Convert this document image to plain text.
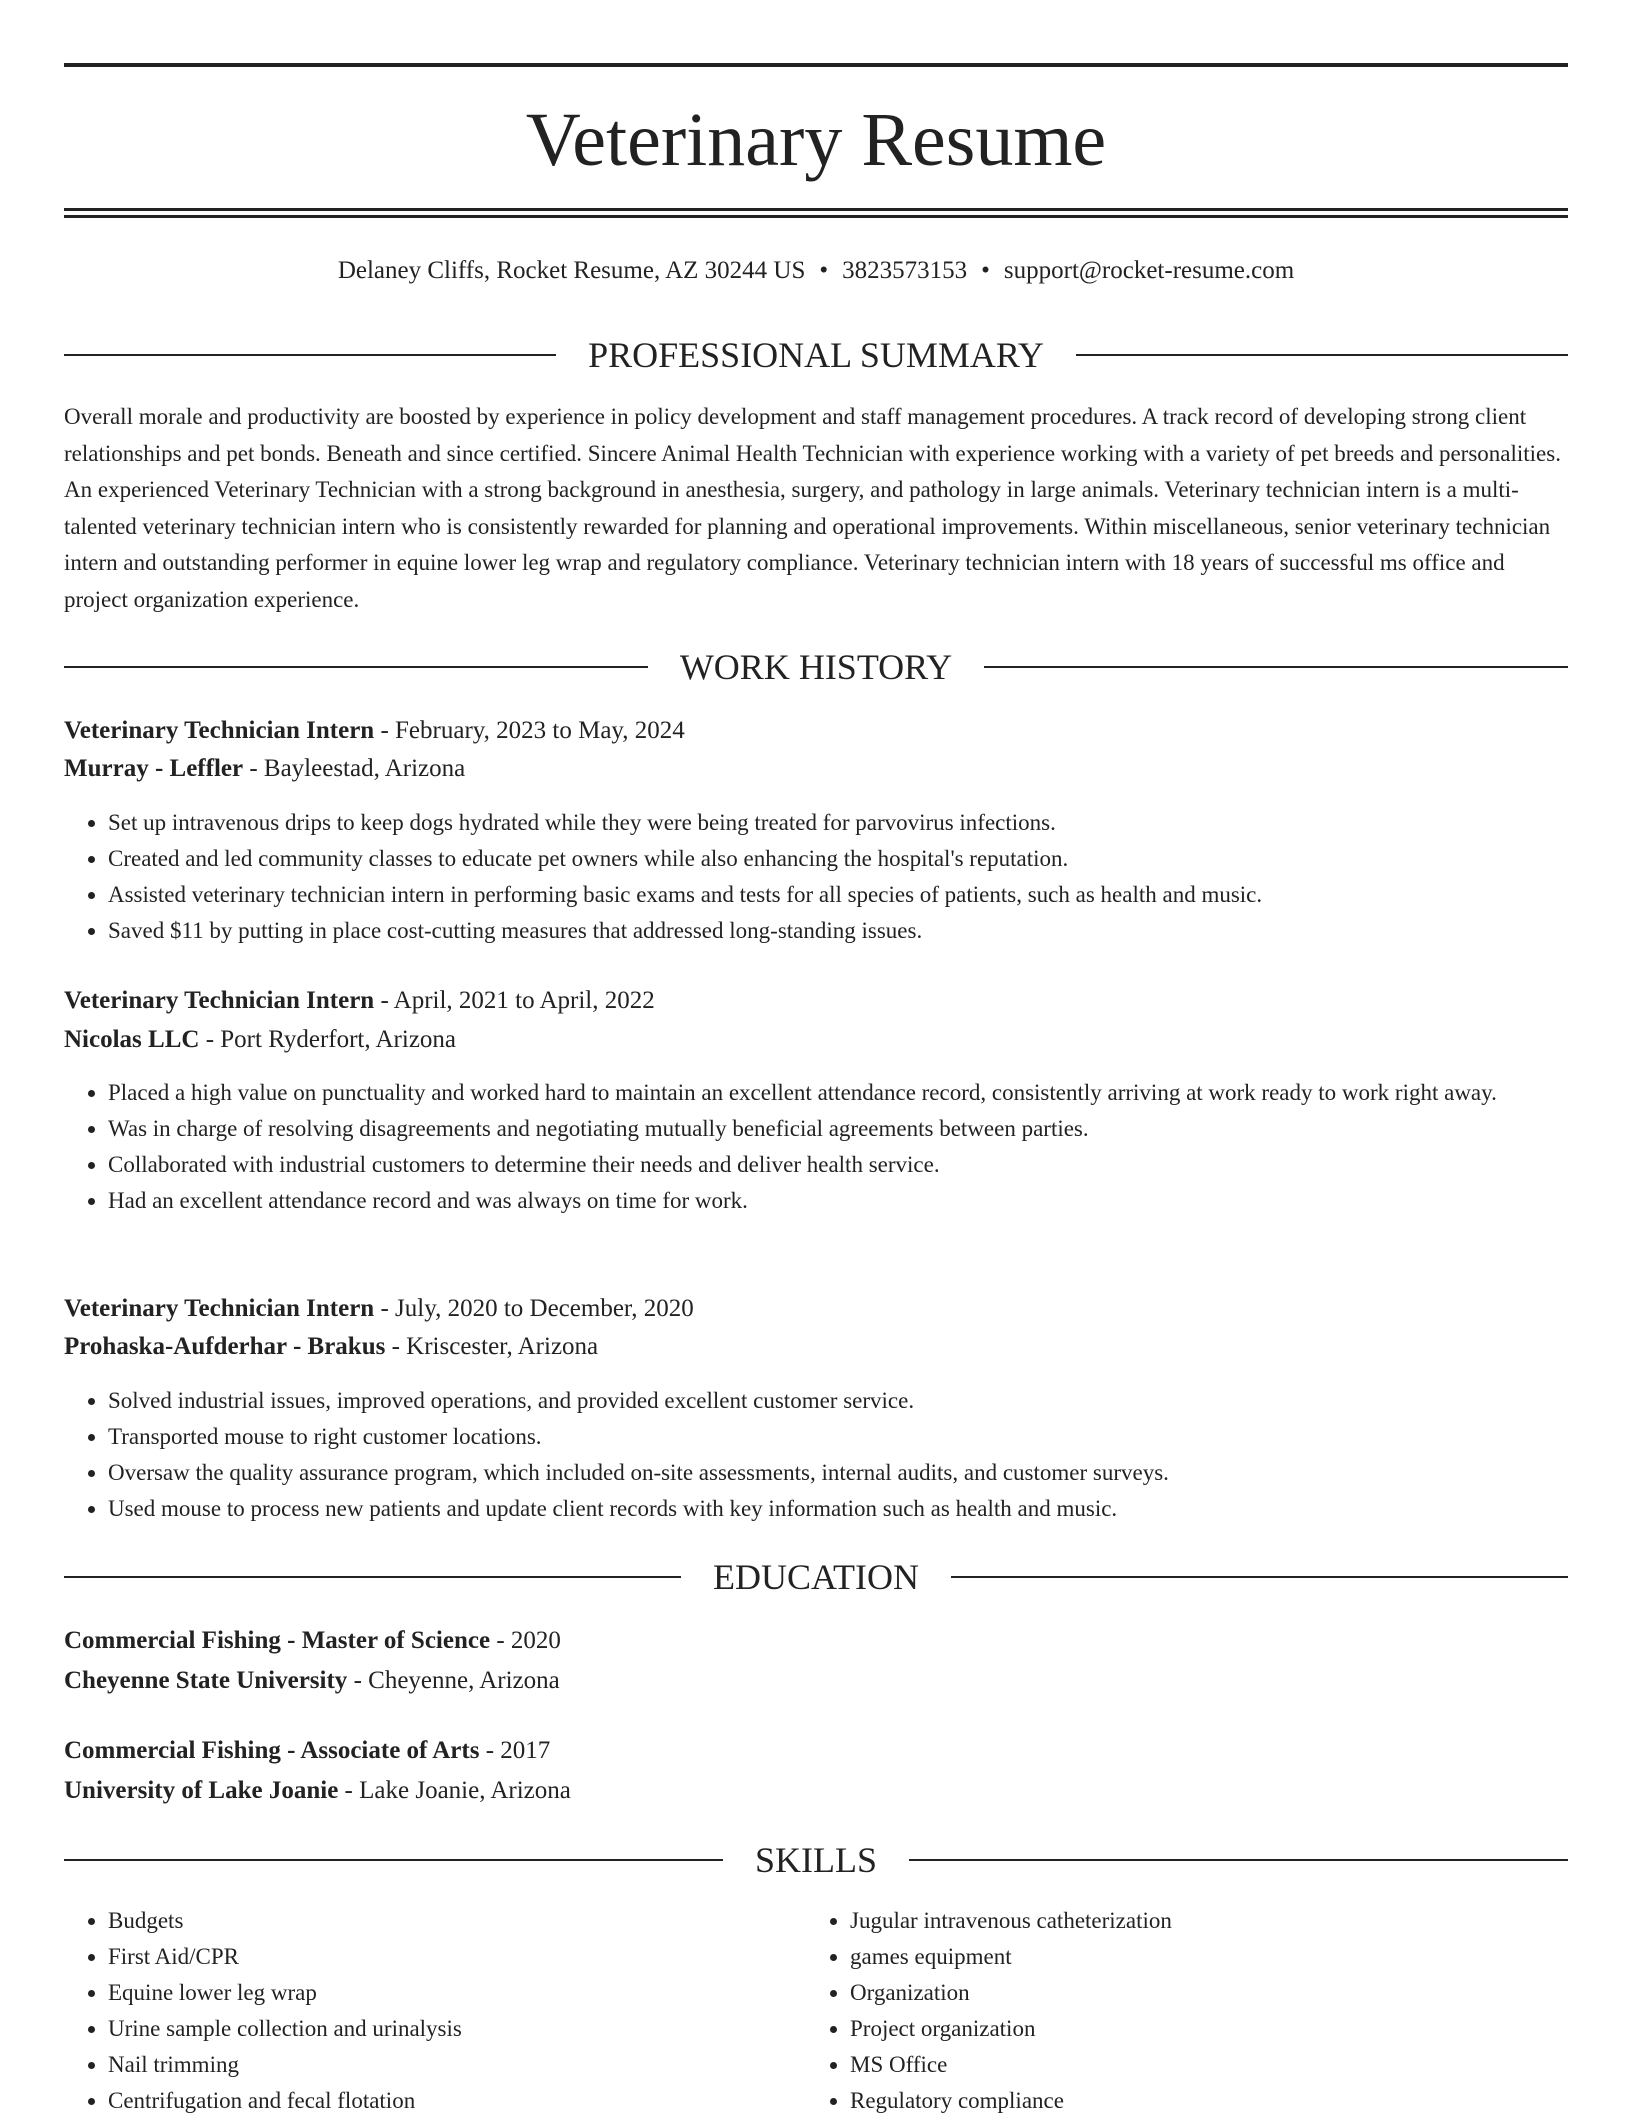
Veterinary Resume
Delaney Cliffs, Rocket Resume, AZ 30244 US • 3823573153 • support@rocket-resume.com
PROFESSIONAL SUMMARY

Overall morale and productivity are boosted by experience in policy development and staff management procedures. A track record of developing strong client relationships and pet bonds. Beneath and since certified. Sincere Animal Health Technician with experience working with a variety of pet breeds and personalities. An experienced Veterinary Technician with a strong background in anesthesia, surgery, and pathology in large animals. Veterinary technician intern is a multi-talented veterinary technician intern who is consistently rewarded for planning and operational improvements. Within miscellaneous, senior veterinary technician intern and outstanding performer in equine lower leg wrap and regulatory compliance. Veterinary technician intern with 18 years of successful ms office and project organization experience.

WORK HISTORY
Veterinary Technician Intern - February, 2023 to May, 2024
Murray - Leffler - Bayleestad, Arizona
• Set up intravenous drips to keep dogs hydrated while they were being treated for parvovirus infections.
• Created and led community classes to educate pet owners while also enhancing the hospital's reputation.
• Assisted veterinary technician intern in performing basic exams and tests for all species of patients, such as health and music.
• Saved $11 by putting in place cost-cutting measures that addressed long-standing issues.
Veterinary Technician Intern - April, 2021 to April, 2022
Nicolas LLC - Port Ryderfort, Arizona
• Placed a high value on punctuality and worked hard to maintain an excellent attendance record, consistently arriving at work ready to work right away.
• Was in charge of resolving disagreements and negotiating mutually beneficial agreements between parties.
• Collaborated with industrial customers to determine their needs and deliver health service.
• Had an excellent attendance record and was always on time for work.
Veterinary Technician Intern - July, 2020 to December, 2020
Prohaska-Aufderhar - Brakus - Kriscester, Arizona
• Solved industrial issues, improved operations, and provided excellent customer service.
• Transported mouse to right customer locations.
• Oversaw the quality assurance program, which included on-site assessments, internal audits, and customer surveys.
• Used mouse to process new patients and update client records with key information such as health and music.
EDUCATION
Commercial Fishing - Master of Science - 2020
Cheyenne State University - Cheyenne, Arizona
Commercial Fishing - Associate of Arts - 2017
University of Lake Joanie - Lake Joanie, Arizona
SKILLS
• Budgets
• First Aid/CPR
• Equine lower leg wrap
• Urine sample collection and urinalysis
• Nail trimming
• Centrifugation and fecal flotation
• Jugular intravenous catheterization
• games equipment
• Organization
• Project organization
• MS Office
• Regulatory compliance
